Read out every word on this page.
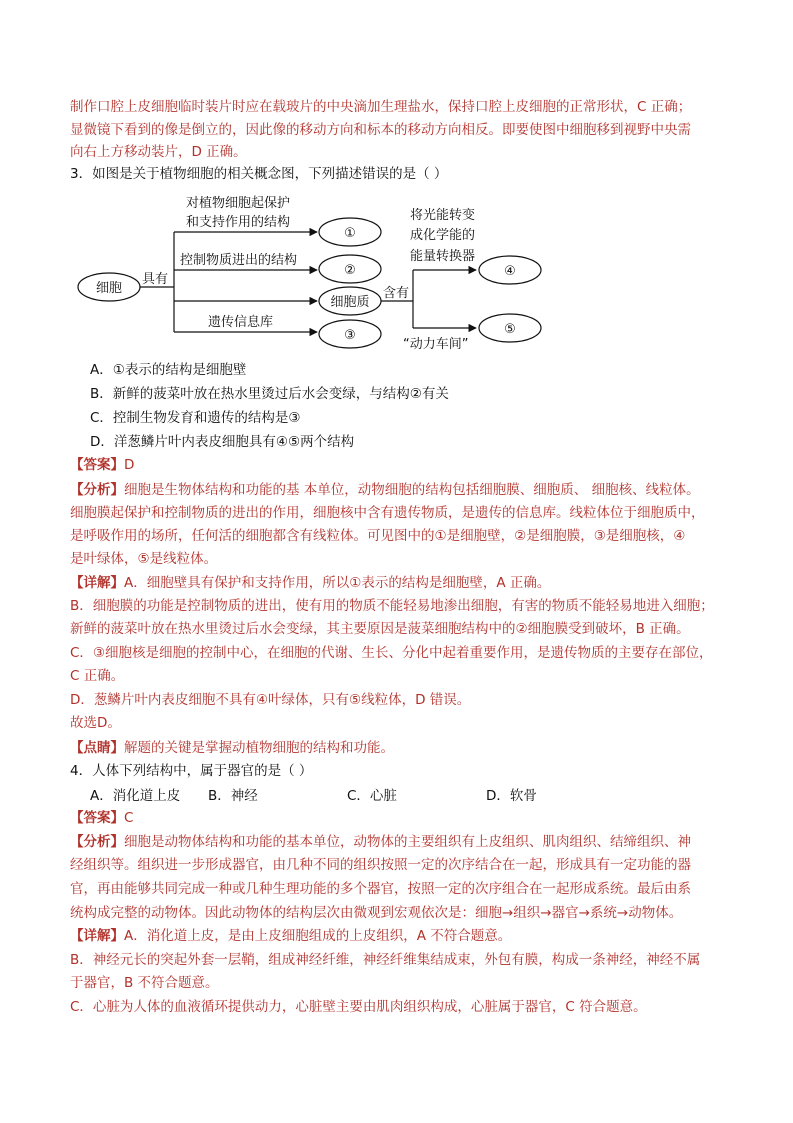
制作口腔上皮细胞临时装片时应在载玻片的中央滴加生理盐水，保持口腔上皮细胞的正常形状，C 正确；
显微镜下看到的像是倒立的，因此像的移动方向和标本的移动方向相反。即要使图中细胞移到视野中央需
向右上方移动装片，D 正确。
3．如图是关于植物细胞的相关概念图，下列描述错误的是（ ）
细胞
具有
对植物细胞起保护
和支持作用的结构
①
控制物质进出的结构
②
细胞质
遗传信息库
③
含有
将光能转变
成化学能的
能量转换器
④
“动力车间”
⑤
A．①表示的结构是细胞壁
B．新鲜的菠菜叶放在热水里烫过后水会变绿，与结构②有关
C．控制生物发育和遗传的结构是③
D．洋葱鳞片叶内表皮细胞具有④⑤两个结构
【答案】D
【分析】细胞是生物体结构和功能的基 本单位，动物细胞的结构包括细胞膜、细胞质、 细胞核、线粒体。
细胞膜起保护和控制物质的进出的作用，细胞核中含有遗传物质，是遗传的信息库。线粒体位于细胞质中，
是呼吸作用的场所，任何活的细胞都含有线粒体。可见图中的①是细胞壁，②是细胞膜，③是细胞核，④
是叶绿体，⑤是线粒体。
【详解】A．细胞壁具有保护和支持作用，所以①表示的结构是细胞壁，A 正确。
B．细胞膜的功能是控制物质的进出，使有用的物质不能轻易地渗出细胞，有害的物质不能轻易地进入细胞；
新鲜的菠菜叶放在热水里烫过后水会变绿，其主要原因是菠菜细胞结构中的②细胞膜受到破坏，B 正确。
C．③细胞核是细胞的控制中心，在细胞的代谢、生长、分化中起着重要作用，是遗传物质的主要存在部位，
C 正确。
D．葱鳞片叶内表皮细胞不具有④叶绿体，只有⑤线粒体，D 错误。
故选D。
【点睛】解题的关键是掌握动植物细胞的结构和功能。
4．人体下列结构中，属于器官的是（ ）
A．消化道上皮 B．神经	C．心脏	D．软骨
【答案】C
【分析】细胞是动物体结构和功能的基本单位，动物体的主要组织有上皮组织、肌肉组织、结缔组织、神
经组织等。组织进一步形成器官，由几种不同的组织按照一定的次序结合在一起，形成具有一定功能的器
官，再由能够共同完成一种或几种生理功能的多个器官，按照一定的次序组合在一起形成系统。最后由系
统构成完整的动物体。因此动物体的结构层次由微观到宏观依次是：细胞→组织→器官→系统→动物体。
【详解】A．消化道上皮，是由上皮细胞组成的上皮组织，A 不符合题意。
B．神经元长的突起外套一层鞘，组成神经纤维，神经纤维集结成束，外包有膜，构成一条神经，神经不属
于器官，B 不符合题意。
C．心脏为人体的血液循环提供动力，心脏壁主要由肌肉组织构成，心脏属于器官，C 符合题意。
